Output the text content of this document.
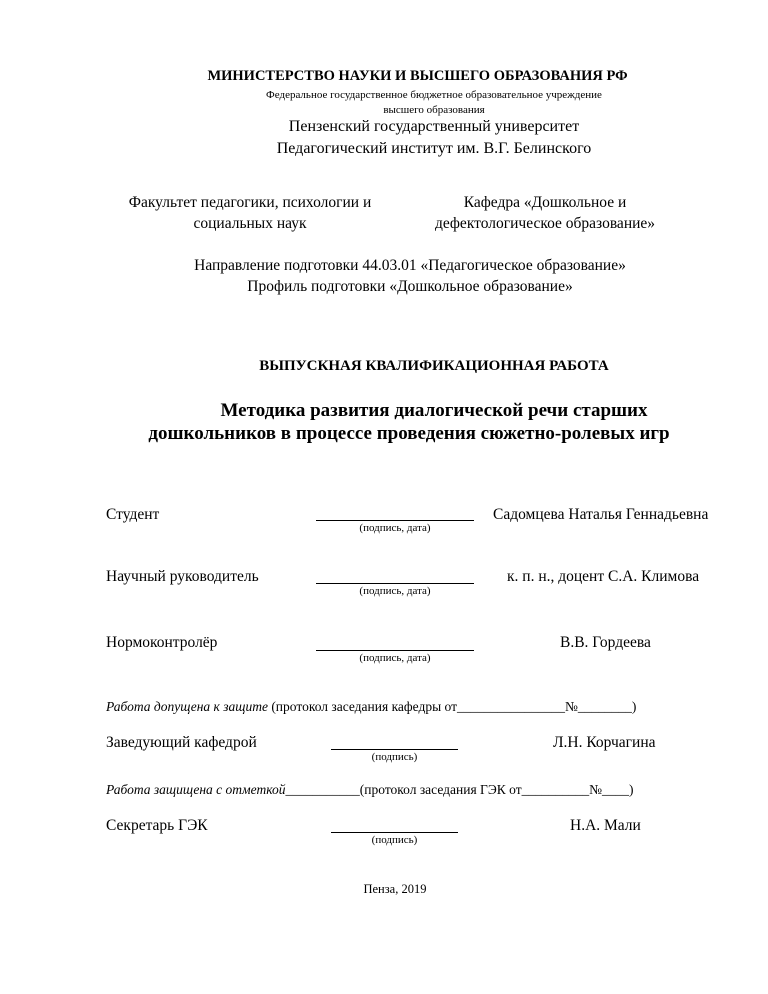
МИНИСТЕРСТВО НАУКИ И ВЫСШЕГО ОБРАЗОВАНИЯ РФ
Федеральное государственное бюджетное образовательное учреждение
высшего образования
Пензенский государственный университет
Педагогический институт им. В.Г. Белинского
Факультет педагогики, психологии и
социальных наук
Кафедра «Дошкольное и
дефектологическое образование»
Направление подготовки 44.03.01 «Педагогическое образование»
Профиль подготовки «Дошкольное образование»
ВЫПУСКНАЯ КВАЛИФИКАЦИОННАЯ РАБОТА
Методика развития диалогической речи старших
дошкольников в процессе проведения сюжетно-ролевых игр
Студент
(подпись, дата)
Садомцева Наталья Геннадьевна
Научный руководитель
(подпись, дата)
к. п. н., доцент С.А. Климова
Нормоконтролёр
(подпись, дата)
В.В. Гордеева
Работа допущена к защите (протокол заседания кафедры от________________№________)
Заведующий кафедрой
(подпись)
Л.Н. Корчагина
Работа защищена с отметкой___________(протокол заседания ГЭК от__________№____)
Секретарь ГЭК
(подпись)
Н.А. Мали
Пенза, 2019
